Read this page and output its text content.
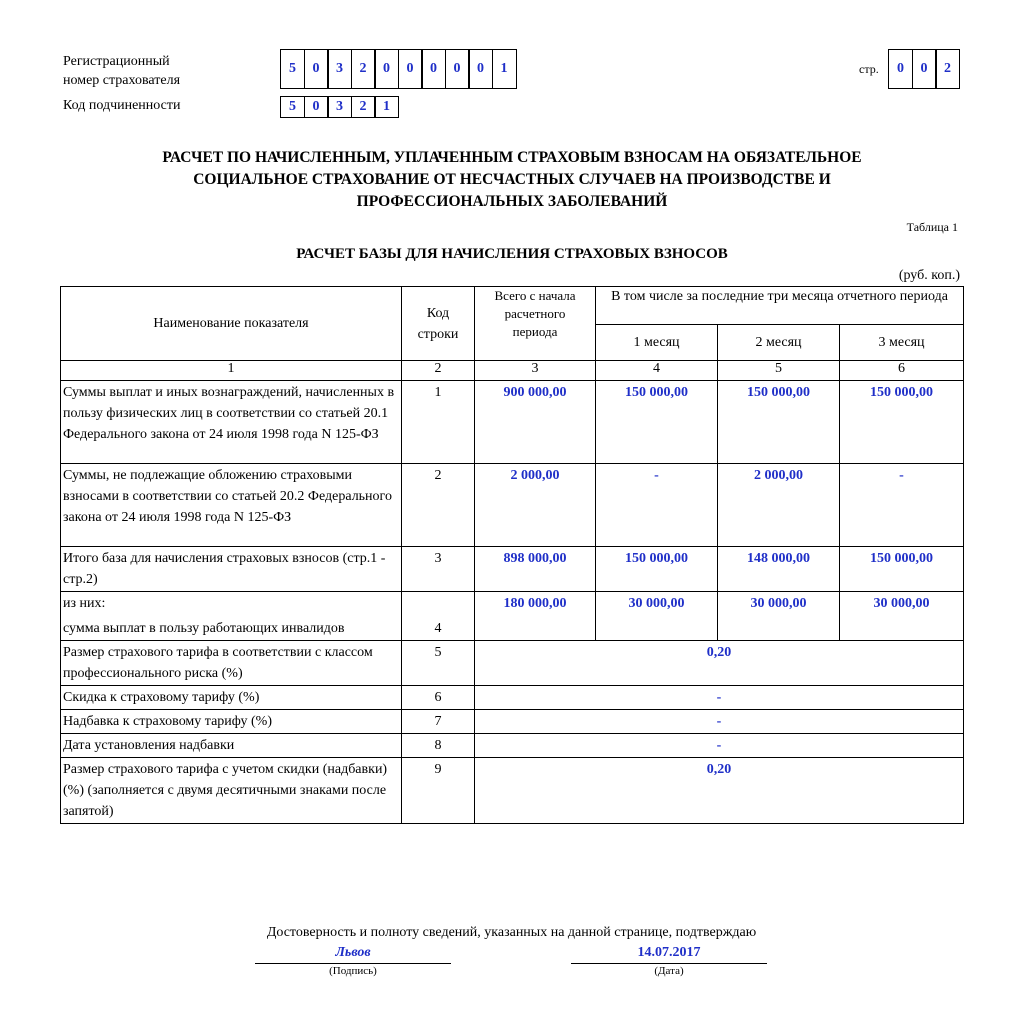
Регистрационный
номер страхователя
5	0	3	2	0	0	0	0	0	1
Код подчиненности	5	0	3	2	1
стр.	0	0	2
РАСЧЕТ ПО НАЧИСЛЕННЫМ, УПЛАЧЕННЫМ СТРАХОВЫМ ВЗНОСАМ НА ОБЯЗАТЕЛЬНОЕ
СОЦИАЛЬНОЕ СТРАХОВАНИЕ ОТ НЕСЧАСТНЫХ СЛУЧАЕВ НА ПРОИЗВОДСТВЕ И
ПРОФЕССИОНАЛЬНЫХ ЗАБОЛЕВАНИЙ
Таблица 1
РАСЧЕТ БАЗЫ ДЛЯ НАЧИСЛЕНИЯ СТРАХОВЫХ ВЗНОСОВ
(руб. коп.)
Наименование показателя	Код строки	Всего с начала расчетного периода	В том числе за последние три месяца отчетного периода		
			1 месяц	2 месяц	3 месяц
1	2	3	4	5	6
Суммы выплат и иных вознаграждений, начисленных в пользу физических лиц в соответствии со статьей 20.1 Федерального закона от 24 июля 1998 года N 125-ФЗ	1	900 000,00	150 000,00	150 000,00	150 000,00
Суммы, не подлежащие обложению страховыми взносами в соответствии со статьей 20.2 Федерального закона от 24 июля 1998 года N 125-ФЗ	2	2 000,00	-	2 000,00	-
Итого база для начисления страховых взносов (стр.1 - стр.2)	3	898 000,00	150 000,00	148 000,00	150 000,00

из них:
сумма выплат в пользу работающих инвалидов	4	180 000,00	30 000,00	30 000,00	30 000,00
Размер страхового тарифа в соответствии с классом профессионального риска (%)	5	0,20			
Скидка к страховому тарифу (%)	6	-			
Надбавка к страховому тарифу (%)	7	-			
Дата установления надбавки	8	-			
Размер страхового тарифа с учетом скидки (надбавки) (%) (заполняется с двумя десятичными знаками после запятой)	9	0,20			
Достоверность и полноту сведений, указанных на данной странице, подтверждаю
Львов
(Подпись)
14.07.2017
(Дата)
